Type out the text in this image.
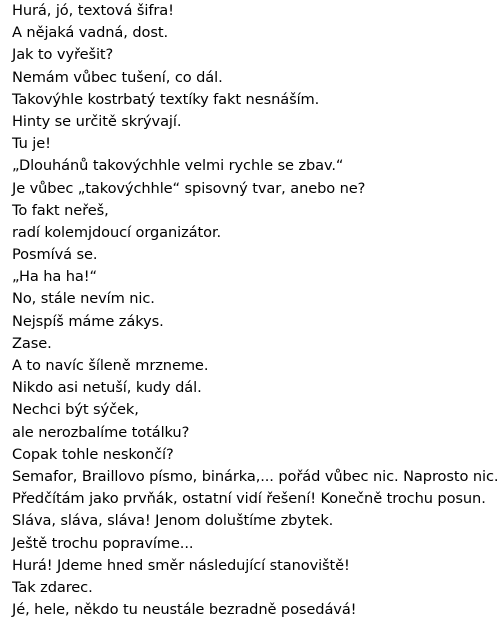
Hurá, jó, textová šifra!
A nějaká vadná, dost.
Jak to vyřešit?
Nemám vůbec tušení, co dál.
Takovýhle kostrbatý textíky fakt nesnáším.
Hinty se určitě skrývají.
Tu je!
„Dlouhánů takovýchhle velmi rychle se zbav.“
Je vůbec „takovýchhle“ spisovný tvar, anebo ne?
To fakt neřeš,
radí kolemjdoucí organizátor.
Posmívá se.
„Ha ha ha!“
No, stále nevím nic.
Nejspíš máme zákys.
Zase.
A to navíc šíleně mrzneme.
Nikdo asi netuší, kudy dál.
Nechci být sýček,
ale nerozbalíme totálku?
Copak tohle neskončí?
Semafor, Braillovo písmo, binárka,... pořád vůbec nic. Naprosto nic.
Předčítám jako prvňák, ostatní vidí řešení! Konečně trochu posun.
Sláva, sláva, sláva! Jenom doluštíme zbytek.
Ještě trochu popravíme...
Hurá! Jdeme hned směr následující stanoviště!
Tak zdarec.
Jé, hele, někdo tu neustále bezradně posedává!
